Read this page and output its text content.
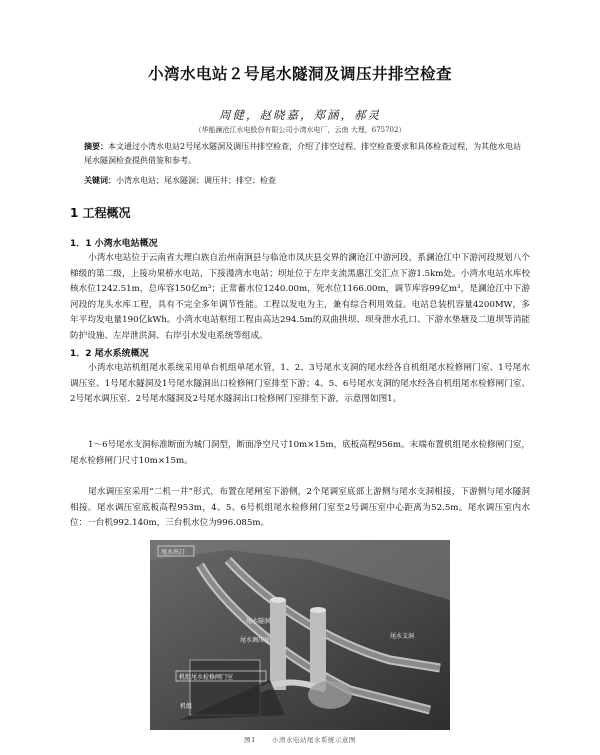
小湾水电站２号尾水隧洞及调压井排空检查
周健，赵晓嘉，郑涵，郝灵
（华能澜沧江水电股份有限公司小湾水电厂，云南 大理，675702）
摘要：本文通过小湾水电站2号尾水隧洞及调压井排空检查，介绍了排空过程、排空检查要求和具体检查过程，为其他水电站尾水隧洞检查提供借鉴和参考。
关键词：小湾水电站；尾水隧洞；调压井；排空；检查
1 工程概况
1．1 小湾水电站概况
小湾水电站位于云南省大理白族自治州南涧县与临沧市凤庆县交界的澜沧江中游河段，系澜沧江中下游河段规划八个梯级的第二级，上接功果桥水电站，下接漫湾水电站；坝址位于左岸支流黑惠江交汇点下游1.5km处。小湾水电站水库校核水位1242.51m，总库容150亿m³；正常蓄水位1240.00m，死水位1166.00m，调节库容99亿m³，是澜沧江中下游河段的龙头水库工程，具有不完全多年调节性能。工程以发电为主，兼有综合利用效益。电站总装机容量4200MW，多年平均发电量190亿kWh。小湾水电站枢纽工程由高达294.5m的双曲拱坝、坝身泄水孔口、下游水垫塘及二道坝等消能防护设施、左岸泄洪洞、右岸引水发电系统等组成。
1．2 尾水系统概况
小湾水电站机组尾水系统采用单台机组单尾水管，1、2、3号尾水支洞的尾水经各自机组尾水检修闸门室、1号尾水调压室、1号尾水隧洞及1号尾水隧洞出口检修闸门室排至下游；4、5、6号尾水支洞的尾水经各自机组尾水检修闸门室、2号尾水调压室、2号尾水隧洞及2号尾水隧洞出口检修闸门室排至下游，示意图如图1。
1～6号尾水支洞标准断面为城门洞型，断面净空尺寸10m×15m，底板高程956m。末端布置机组尾水检修闸门室，尾水检修闸门尺寸10m×15m。
尾水调压室采用“二机一井”形式，布置在尾闸室下游侧，2个尾调室底部上游侧与尾水支洞相接，下游侧与尾水隧洞相接。尾水调压室底板高程953m，4、5、6号机组尾水检修闸门室至2号调压室中心距离为52.5m。尾水调压室内水位：一台机992.140m，三台机水位为996.085m。
尾水出口
尾水隧洞
尾水调压室
尾水支洞
机组尾水检修闸门室
机组
图1 小湾水电站尾水系统示意图
